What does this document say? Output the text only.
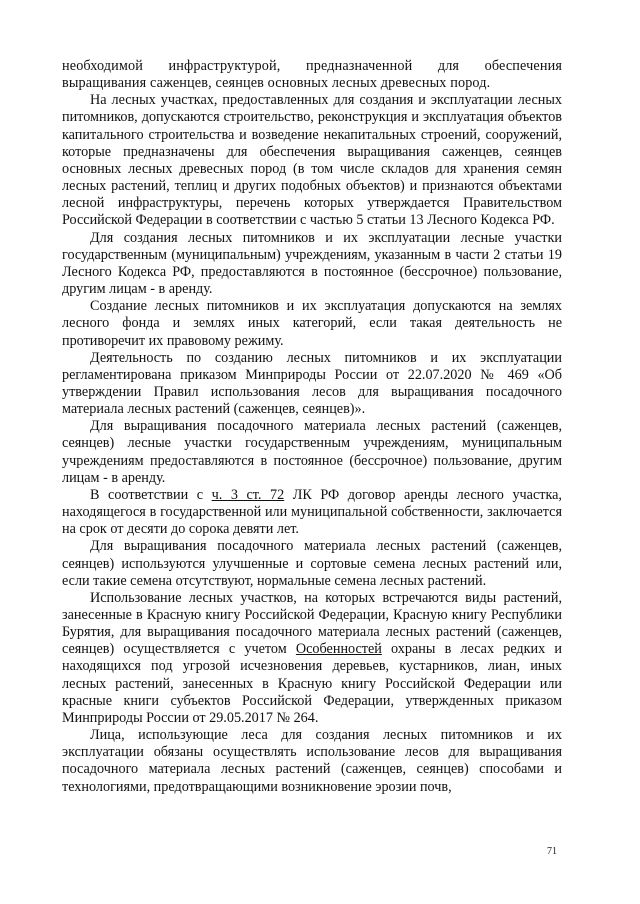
необходимой инфраструктурой, предназначенной для обеспечения выращивания саженцев, сеянцев основных лесных древесных пород.

На лесных участках, предоставленных для создания и эксплуатации лесных питомников, допускаются строительство, реконструкция и эксплуатация объектов капитального строительства и возведение некапитальных строений, сооружений, которые предназначены для обеспечения выращивания саженцев, сеянцев основных лесных древесных пород (в том числе складов для хранения семян лесных растений, теплиц и других подобных объектов) и признаются объектами лесной инфраструктуры, перечень которых утверждается Правительством Российской Федерации в соответствии с частью 5 статьи 13 Лесного Кодекса РФ.

Для создания лесных питомников и их эксплуатации лесные участки государственным (муниципальным) учреждениям, указанным в части 2 статьи 19 Лесного Кодекса РФ, предоставляются в постоянное (бессрочное) пользование, другим лицам - в аренду.

Создание лесных питомников и их эксплуатация допускаются на землях лесного фонда и землях иных категорий, если такая деятельность не противоречит их правовому режиму.

Деятельность по созданию лесных питомников и их эксплуатации регламентирована приказом Минприроды России от 22.07.2020 № 469 «Об утверждении Правил использования лесов для выращивания посадочного материала лесных растений (саженцев, сеянцев)».

Для выращивания посадочного материала лесных растений (саженцев, сеянцев) лесные участки государственным учреждениям, муниципальным учреждениям предоставляются в постоянное (бессрочное) пользование, другим лицам - в аренду.

В соответствии с ч. 3 ст. 72 ЛК РФ договор аренды лесного участка, находящегося в государственной или муниципальной собственности, заключается на срок от десяти до сорока девяти лет.

Для выращивания посадочного материала лесных растений (саженцев, сеянцев) используются улучшенные и сортовые семена лесных растений или, если такие семена отсутствуют, нормальные семена лесных растений.

Использование лесных участков, на которых встречаются виды растений, занесенные в Красную книгу Российской Федерации, Красную книгу Республики Бурятия, для выращивания посадочного материала лесных растений (саженцев, сеянцев) осуществляется с учетом Особенностей охраны в лесах редких и находящихся под угрозой исчезновения деревьев, кустарников, лиан, иных лесных растений, занесенных в Красную книгу Российской Федерации или красные книги субъектов Российской Федерации, утвержденных приказом Минприроды России от 29.05.2017 № 264.

Лица, использующие леса для создания лесных питомников и их эксплуатации обязаны осуществлять использование лесов для выращивания посадочного материала лесных растений (саженцев, сеянцев) способами и технологиями, предотвращающими возникновение эрозии почв,

71
